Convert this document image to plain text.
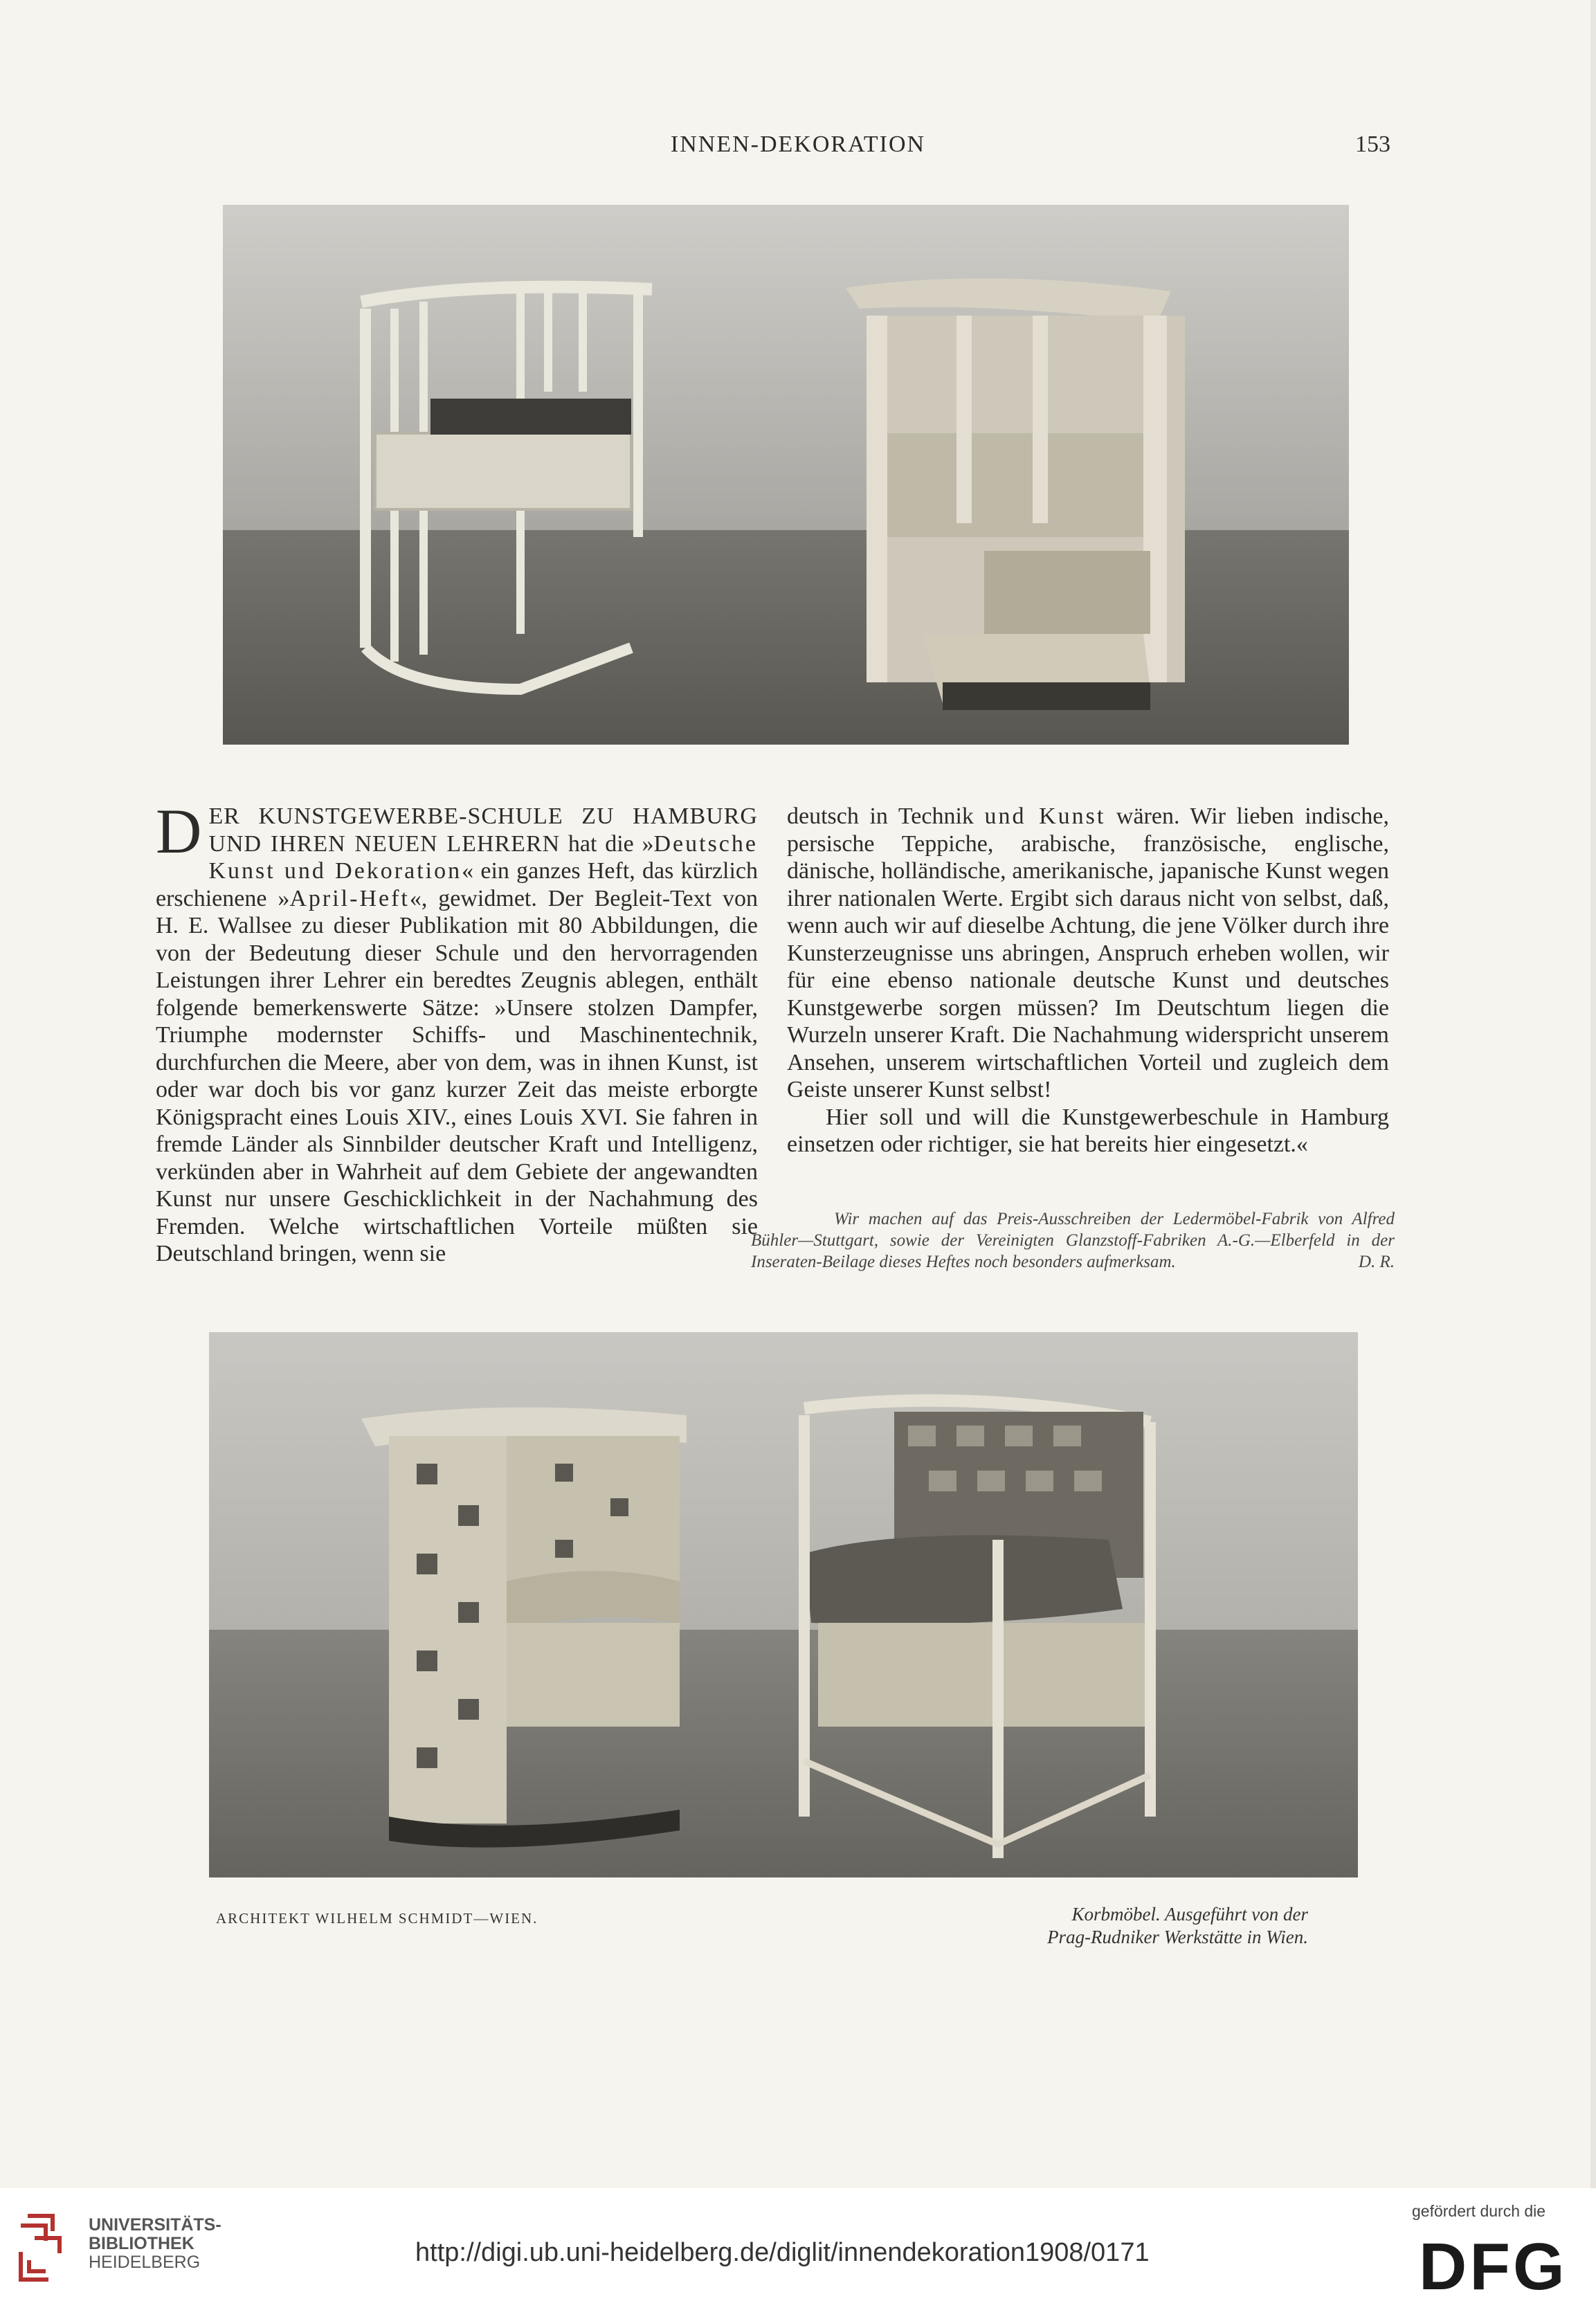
INNEN-DEKORATION	153

DER KUNSTGEWERBE-SCHULE ZU HAMBURG UND IHREN NEUEN LEHRERN hat die »Deutsche Kunst und Dekoration« ein ganzes Heft, das kürzlich erschienene »April-Heft«, gewidmet. Der Begleit-Text von H. E. Wallsee zu dieser Publikation mit 80 Abbildungen, die von der Bedeutung dieser Schule und den hervorragenden Leistungen ihrer Lehrer ein beredtes Zeugnis ablegen, enthält folgende bemerkenswerte Sätze: »Unsere stolzen Dampfer, Triumphe modernster Schiffs- und Maschinentechnik, durchfurchen die Meere, aber von dem, was in ihnen Kunst, ist oder war doch bis vor ganz kurzer Zeit das meiste erborgte Königspracht eines Louis XIV., eines Louis XVI. Sie fahren in fremde Länder als Sinnbilder deutscher Kraft und Intelligenz, verkünden aber in Wahrheit auf dem Gebiete der angewandten Kunst nur unsere Geschicklichkeit in der Nachahmung des Fremden. Welche wirtschaftlichen Vorteile müßten sie Deutschland bringen, wenn sie

deutsch in Technik und Kunst wären. Wir lieben indische, persische Teppiche, arabische, französische, englische, dänische, holländische, amerikanische, japanische Kunst wegen ihrer nationalen Werte. Ergibt sich daraus nicht von selbst, daß, wenn auch wir auf dieselbe Achtung, die jene Völker durch ihre Kunsterzeugnisse uns abringen, Anspruch erheben wollen, wir für eine ebenso nationale deutsche Kunst und deutsches Kunstgewerbe sorgen müssen? Im Deutschtum liegen die Wurzeln unserer Kraft. Die Nachahmung widerspricht unserem Ansehen, unserem wirtschaftlichen Vorteil und zugleich dem Geiste unserer Kunst selbst!

Hier soll und will die Kunstgewerbeschule in Hamburg einsetzen oder richtiger, sie hat bereits hier eingesetzt.«

Wir machen auf das Preis-Ausschreiben der Ledermöbel-Fabrik von Alfred Bühler—Stuttgart, sowie der Vereinigten Glanzstoff-Fabriken A.-G.—Elberfeld in der Inseraten-Beilage dieses Heftes noch besonders aufmerksam.	D. R.
ARCHITEKT WILHELM SCHMIDT—WIEN.	Korbmöbel. Ausgeführt von der
Prag-Rudniker Werkstätte in Wien.
UNIVERSITÄTS-
BIBLIOTHEK
HEIDELBERG	http://digi.ub.uni-heidelberg.de/diglit/innendekoration1908/0171
gefördert durch die
DFG
